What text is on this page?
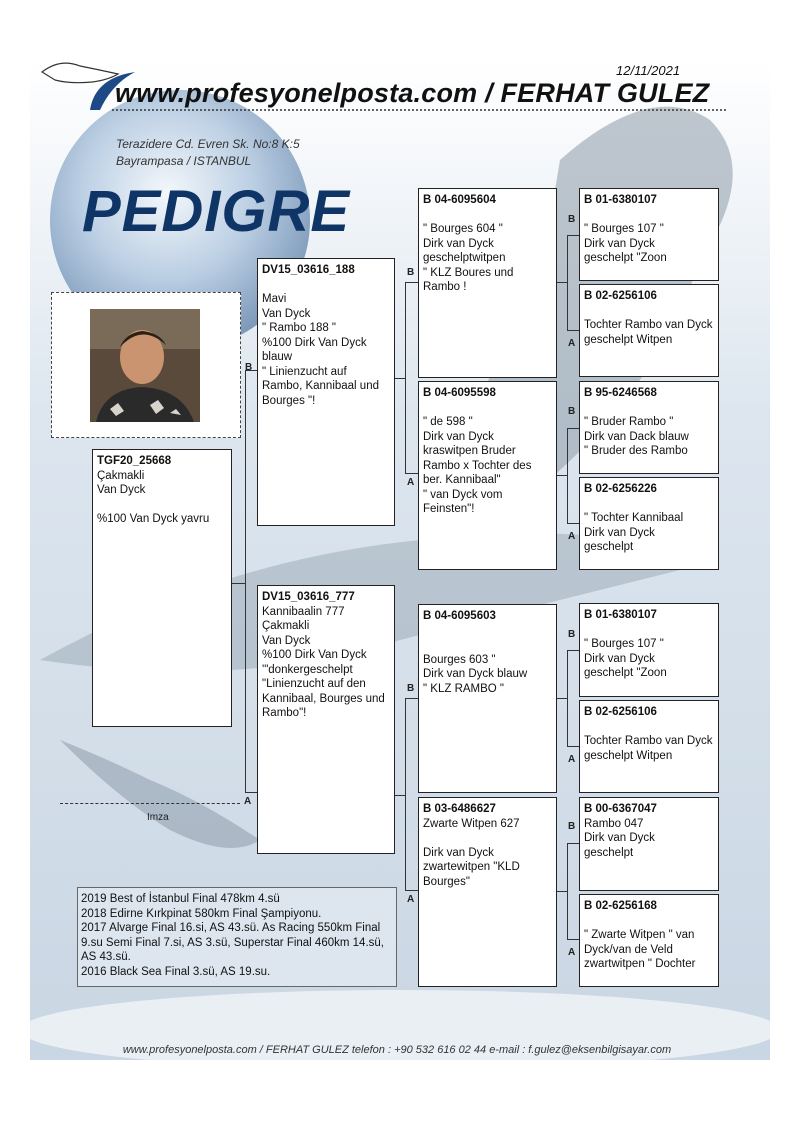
12/11/2021
www.profesyonelposta.com / FERHAT GULEZ
Terazidere Cd. Evren Sk. No:8 K:5
Bayrampasa / ISTANBUL
PEDIGRE
B
A
B
A
B
A
B
A
B
A
B
A
B
A
TGF20_25668
Çakmakli
Van Dyck

%100 Van Dyck yavru
DV15_03616_188

Mavi
Van Dyck
" Rambo 188 "
%100 Dirk Van Dyck blauw
" Linienzucht auf Rambo, Kannibaal und Bourges "!
DV15_03616_777
Kannibaalin 777
Çakmakli
Van Dyck
%100 Dirk Van Dyck
'"donkergeschelpt
"Linienzucht auf den Kannibaal, Bourges und Rambo"!
B 04-6095604

" Bourges 604 "
Dirk van Dyck
geschelptwitpen
" KLZ Boures und Rambo !
B 04-6095598

" de 598 "
Dirk van Dyck
kraswitpen Bruder Rambo x Tochter des ber. Kannibaal"
" van Dyck vom Feinsten"!
B 04-6095603

Bourges 603 "
Dirk van Dyck blauw
" KLZ RAMBO "
B 03-6486627
Zwarte Witpen 627

Dirk van Dyck
zwartewitpen "KLD Bourges"
B 01-6380107

" Bourges 107 "
Dirk van Dyck
geschelpt "Zoon
B 02-6256106

Tochter Rambo van Dyck
geschelpt Witpen
B 95-6246568

" Bruder Rambo "
Dirk van Dack blauw
" Bruder des Rambo
B 02-6256226

" Tochter Kannibaal
Dirk van Dyck
geschelpt
B 01-6380107

" Bourges 107 "
Dirk van Dyck
geschelpt "Zoon
B 02-6256106

Tochter Rambo van Dyck
geschelpt Witpen
B 00-6367047
Rambo 047
Dirk van Dyck
geschelpt
B 02-6256168

" Zwarte Witpen " van Dyck/van de Veld zwartwitpen " Dochter
Imza
2019 Best of İstanbul Final 478km 4.sü
2018 Edirne Kırkpinat 580km Final Şampiyonu.
2017 Alvarge Final 16.si, AS 43.sü. As Racing 550km Final 9.su Semi Final 7.si, AS 3.sü, Superstar Final 460km 14.sü, AS 43.sü.
2016 Black Sea Final 3.sü, AS 19.su.
www.profesyonelposta.com / FERHAT GULEZ telefon : +90 532 616 02 44 e-mail : f.gulez@eksenbilgisayar.com
